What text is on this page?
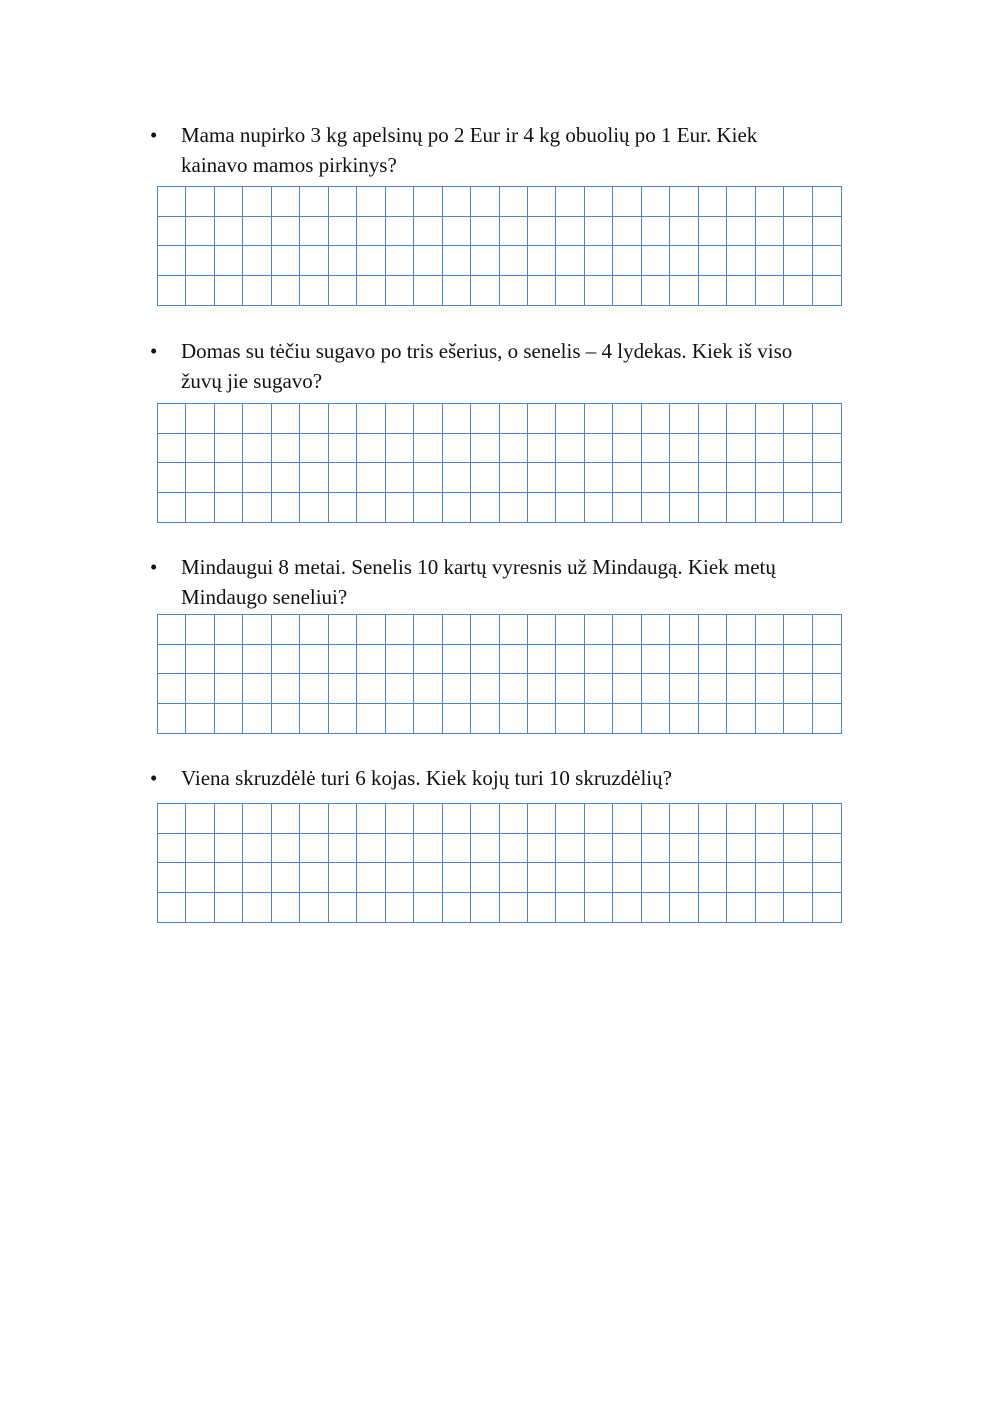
•	Mama nupirko 3 kg apelsinų po 2 Eur ir 4 kg obuolių po 1 Eur. Kiek
kainavo mamos pirkinys?

•	Domas su tėčiu sugavo po tris ešerius, o senelis – 4 lydekas. Kiek iš viso
žuvų jie sugavo?

•	Mindaugui 8 metai. Senelis 10 kartų vyresnis už Mindaugą. Kiek metų
Mindaugo seneliui?

•	Viena skruzdėlė turi 6 kojas. Kiek kojų turi 10 skruzdėlių?
